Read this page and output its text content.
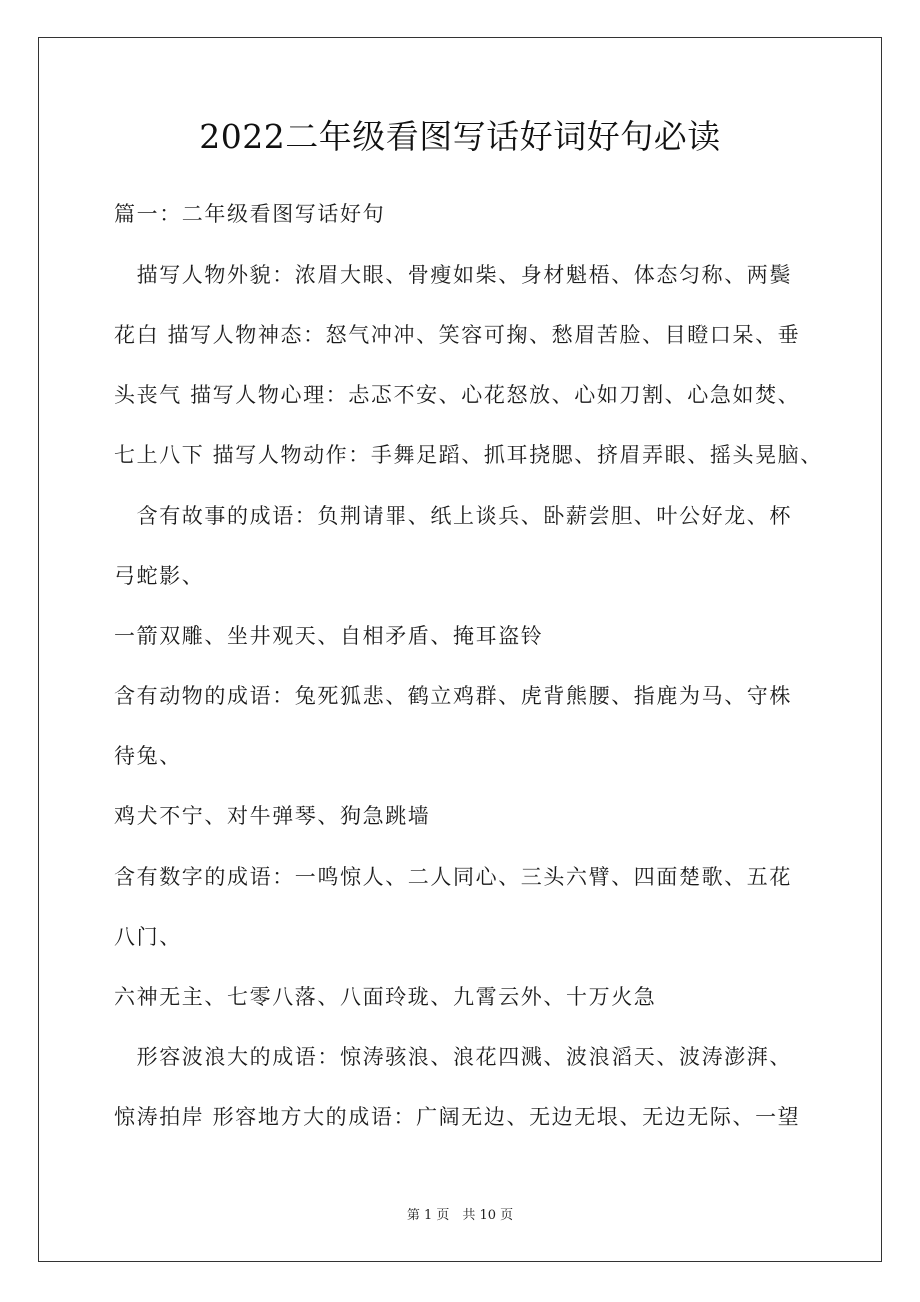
2022二年级看图写话好词好句必读
篇一：二年级看图写话好句
　描写人物外貌：浓眉大眼、骨瘦如柴、身材魁梧、体态匀称、两鬓
花白 描写人物神态：怒气冲冲、笑容可掬、愁眉苦脸、目瞪口呆、垂
头丧气 描写人物心理：忐忑不安、心花怒放、心如刀割、心急如焚、
七上八下 描写人物动作：手舞足蹈、抓耳挠腮、挤眉弄眼、摇头晃脑、
　含有故事的成语：负荆请罪、纸上谈兵、卧薪尝胆、叶公好龙、杯
弓蛇影、
一箭双雕、坐井观天、自相矛盾、掩耳盗铃
含有动物的成语：兔死狐悲、鹤立鸡群、虎背熊腰、指鹿为马、守株
待兔、
鸡犬不宁、对牛弹琴、狗急跳墙
含有数字的成语：一鸣惊人、二人同心、三头六臂、四面楚歌、五花
八门、
六神无主、七零八落、八面玲珑、九霄云外、十万火急
　形容波浪大的成语：惊涛骇浪、浪花四溅、波浪滔天、波涛澎湃、
惊涛拍岸 形容地方大的成语：广阔无边、无边无垠、无边无际、一望
第 1 页　共 10 页
